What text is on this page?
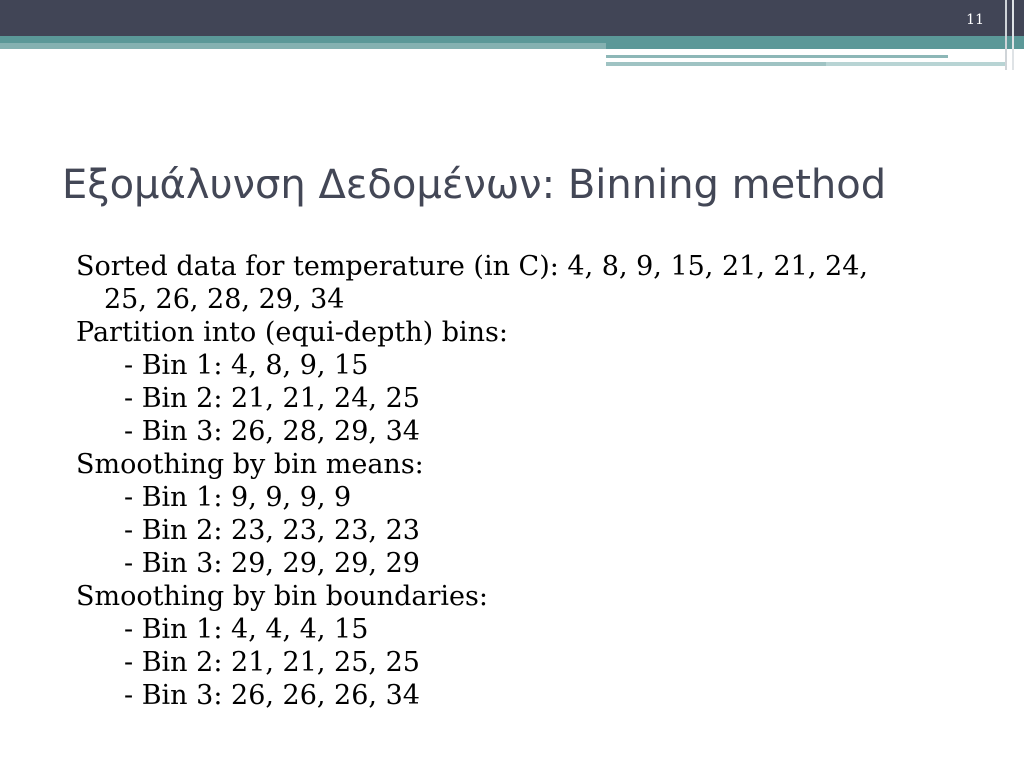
11
Εξομάλυνση Δεδομένων: Binning method
Sorted data for temperature (in C): 4, 8, 9, 15, 21, 21, 24,
25, 26, 28, 29, 34
Partition into (equi-depth) bins:
- Bin 1: 4, 8, 9, 15
- Bin 2: 21, 21, 24, 25
- Bin 3: 26, 28, 29, 34
Smoothing by bin means:
- Bin 1: 9, 9, 9, 9
- Bin 2: 23, 23, 23, 23
- Bin 3: 29, 29, 29, 29
Smoothing by bin boundaries:
- Bin 1: 4, 4, 4, 15
- Bin 2: 21, 21, 25, 25
- Bin 3: 26, 26, 26, 34
